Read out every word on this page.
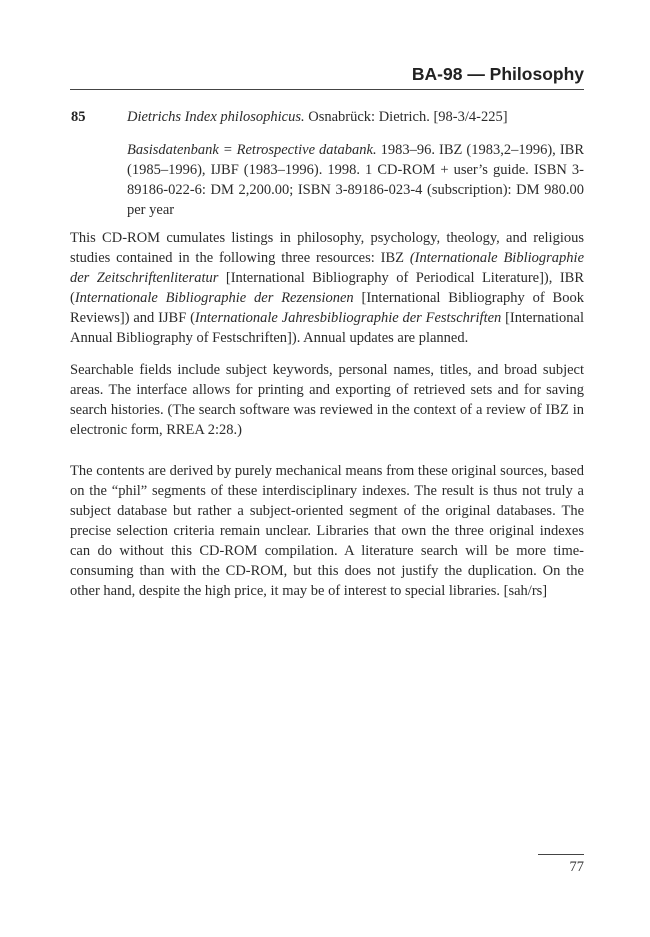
BA-98 — Philosophy
85	Dietrichs Index philosophicus. Osnabrück: Dietrich. [98-3/4-225]
Basisdatenbank = Retrospective databank. 1983–96. IBZ (1983,2–1996), IBR (1985–1996), IJBF (1983–1996). 1998. 1 CD-ROM + user’s guide. ISBN 3-89186-022-6: DM 2,200.00; ISBN 3-89186-023-4 (subscription): DM 980.00 per year
This CD-ROM cumulates listings in philosophy, psychology, theology, and religious studies contained in the following three resources: IBZ (Internationale Bibliographie der Zeitschriftenliteratur [International Bibliography of Periodical Literature]), IBR (Internationale Bibliographie der Rezensionen [International Bibliography of Book Reviews]) and IJBF (Internationale Jahresbibliographie der Festschriften [International Annual Bibliography of Festschriften]). Annual updates are planned.
Searchable fields include subject keywords, personal names, titles, and broad subject areas. The interface allows for printing and exporting of retrieved sets and for saving search histories. (The search software was reviewed in the context of a review of IBZ in electronic form, RREA 2:28.)
The contents are derived by purely mechanical means from these original sources, based on the “phil” segments of these interdisciplinary indexes. The result is thus not truly a subject database but rather a subject-oriented segment of the original databases. The precise selection criteria remain unclear. Libraries that own the three original indexes can do without this CD-ROM compilation. A literature search will be more time-consuming than with the CD-ROM, but this does not justify the duplication. On the other hand, despite the high price, it may be of interest to special libraries. [sah/rs]
77
